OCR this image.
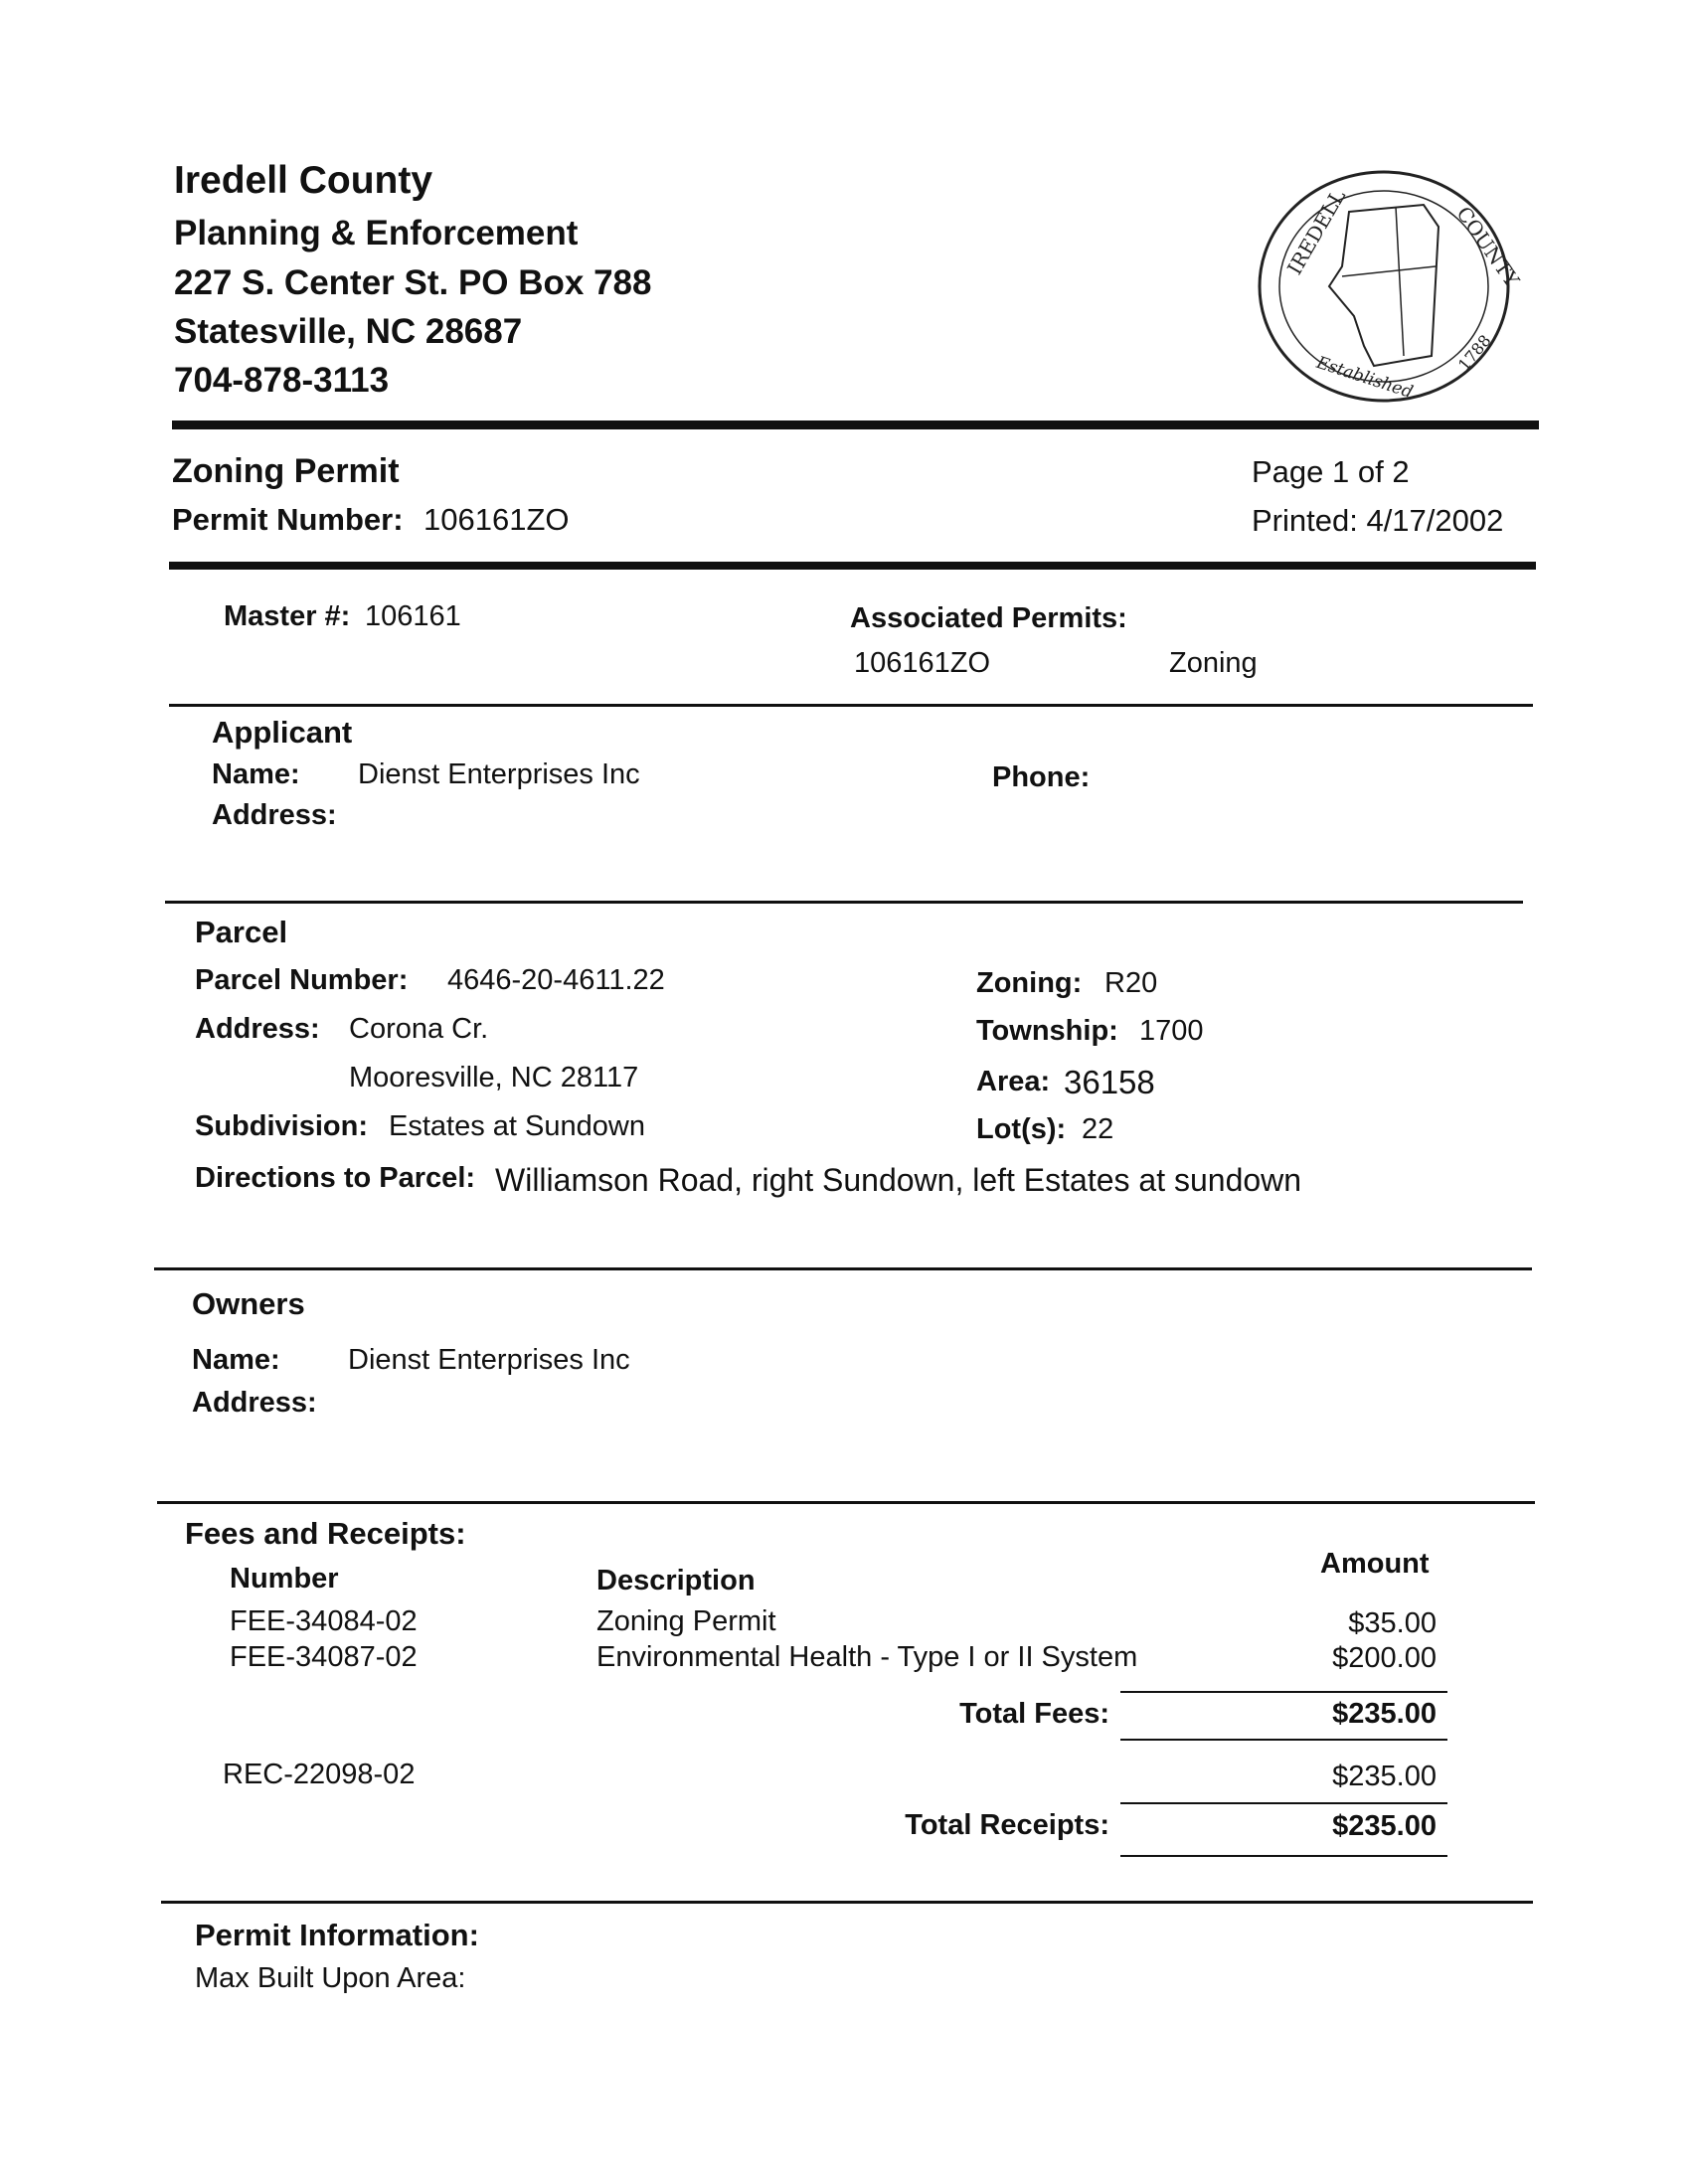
Iredell County
Planning & Enforcement
227 S. Center St. PO Box 788
Statesville, NC 28687
704-878-3113
IREDELL	COUNTY
Established
1788
Zoning Permit
Permit Number: 106161ZO
Page 1 of 2
Printed: 4/17/2002
Master #: 106161	Associated Permits:
106161ZO	Zoning
Applicant
Name: Dienst Enterprises Inc
Address:
Phone:
Parcel
Parcel Number: 4646-20-4611.22
Address: Corona Cr.
Mooresville, NC 28117
Subdivision: Estates at Sundown
Zoning: R20
Township: 1700
Area: 36158
Lot(s): 22
Directions to Parcel: Williamson Road, right Sundown, left Estates at sundown
Owners
Name: Dienst Enterprises Inc
Address:
Fees and Receipts:
Number	Description
Amount
FEE-34084-02	Zoning Permit	$35.00
FEE-34087-02	Environmental Health - Type I or II System	$200.00
Total Fees:	$235.00
REC-22098-02	$235.00
Total Receipts:	$235.00
Permit Information:
Max Built Upon Area:
